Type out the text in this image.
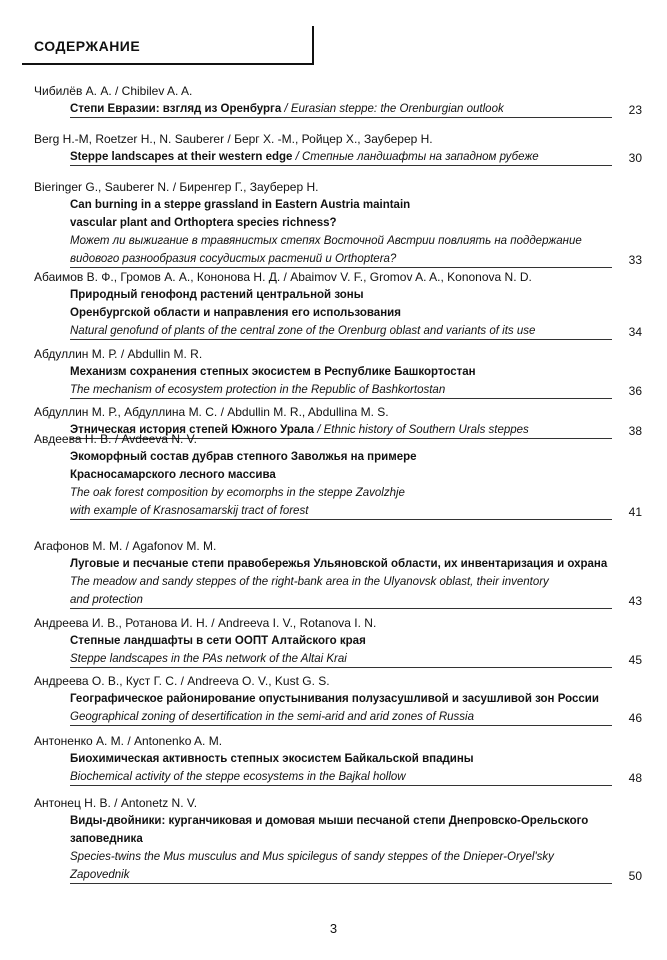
СОДЕРЖАНИЕ
Чибилёв А. А. / Chibilev A. A.
Степи Евразии: взгляд из Оренбурга / Eurasian steppe: the Orenburgian outlook	23
Berg H.-M, Roetzer H., N. Sauberer / Берг Х. -М., Ройцер Х., Зауберер Н.
Steppe landscapes at their western edge / Степные ландшафты на западном рубеже	30
Bieringer G., Sauberer N. / Биренгер Г., Зауберер Н.
Can burning in a steppe grassland in Eastern Austria maintain
vascular plant and Orthoptera species richness?
Может ли выжигание в травянистых степях Восточной Австрии повлиять на поддержание
видового разнообразия сосудистых растений и Orthoptera?	33
Абаимов В. Ф., Громов А. А., Кононова Н. Д. / Abaimov V. F., Gromov A. A., Kononova N. D.
Природный генофонд растений центральной зоны
Оренбургской области и направления его использования
Natural genofund of plants of the central zone of the Orenburg oblast and variants of its use	34
Абдуллин М. Р. / Abdullin M. R.
Механизм сохранения степных экосистем в Республике Башкортостан
The mechanism of ecosystem protection in the Republic of Bashkortostan	36
Абдуллин М. Р., Абдуллина М. С. / Abdullin M. R., Abdullina M. S.
Этническая история степей Южного Урала / Ethnic history of Southern Urals steppes	38
Авдеева Н. В. / Avdeeva N. V.
Экоморфный состав дубрав степного Заволжья на примере
Красносамарского лесного массива
The oak forest composition by ecomorphs in the steppe Zavolzhje
with example of Krasnosamarskij tract of forest	41
Агафонов М. М. / Agafonov M. M.
Луговые и песчаные степи правобережья Ульяновской области, их инвентаризация и охрана
The meadow and sandy steppes of the right-bank area in the Ulyanovsk oblast, their inventory
and protection	43
Андреева И. В., Ротанова И. Н. / Andreeva I. V., Rotanova I. N.
Степные ландшафты в сети ООПТ Алтайского края
Steppe landscapes in the PAs network of the Altai Krai	45
Андреева О. В., Куст Г. С. / Andreeva O. V., Kust G. S.
Географическое районирование опустынивания полузасушливой и засушливой зон России
Geographical zoning of desertification in the semi-arid and arid zones of Russia	46
Антоненко А. М. / Antonenko A. M.
Биохимическая активность степных экосистем Байкальской впадины
Biochemical activity of the steppe ecosystems in the Bajkal hollow	48
Антонец Н. В. / Antonetz N. V.
Виды-двойники: курганчиковая и домовая мыши песчаной степи Днепровско-Орельского
заповедника
Species-twins the Mus musculus and Mus spicilegus of sandy steppes of the Dnieper-Oryel'sky
Zapovednik	50
3
